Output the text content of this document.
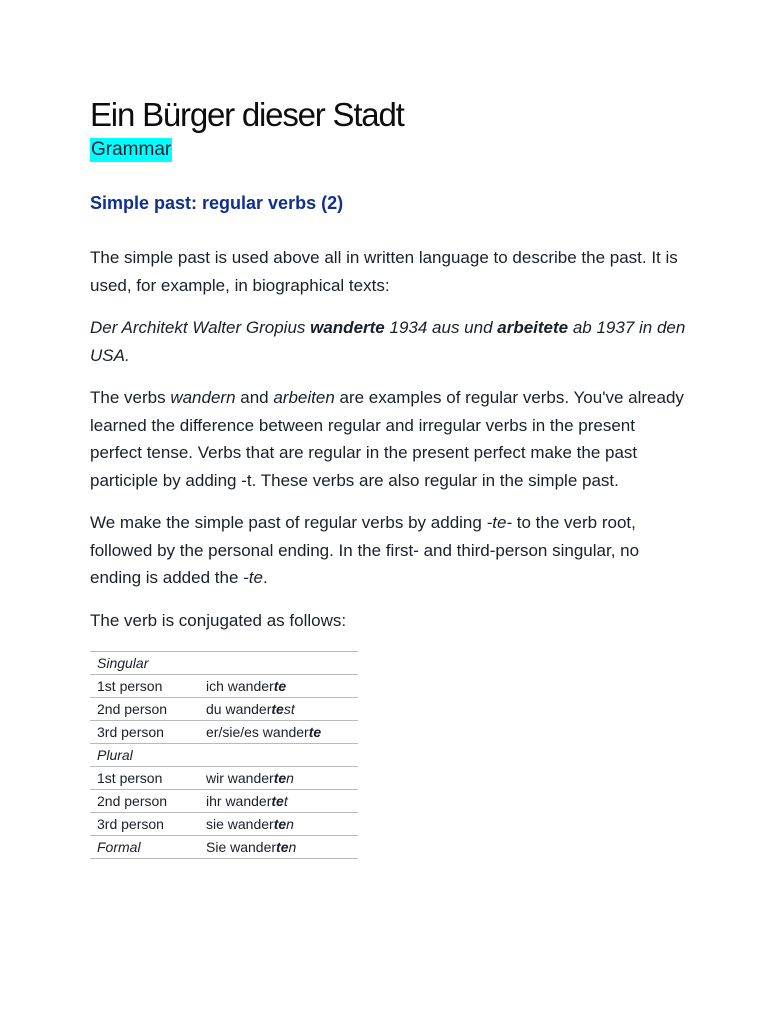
Ein Bürger dieser Stadt
Grammar
Simple past: regular verbs (2)

The simple past is used above all in written language to describe the past. It is used, for example, in biographical texts:

Der Architekt Walter Gropius wanderte 1934 aus und arbeitete ab 1937 in den USA.

The verbs wandern and arbeiten are examples of regular verbs. You've already learned the difference between regular and irregular verbs in the present perfect tense. Verbs that are regular in the present perfect make the past participle by adding -t. These verbs are also regular in the simple past.

We make the simple past of regular verbs by adding -te- to the verb root, followed by the personal ending. In the first- and third-person singular, no ending is added the -te.

The verb is conjugated as follows:

Singular	
1st person	ich wanderte
2nd person	du wandertest
3rd person	er/sie/es wanderte
Plural	
1st person	wir wanderten
2nd person	ihr wandertet
3rd person	sie wanderten
Formal	Sie wanderten
